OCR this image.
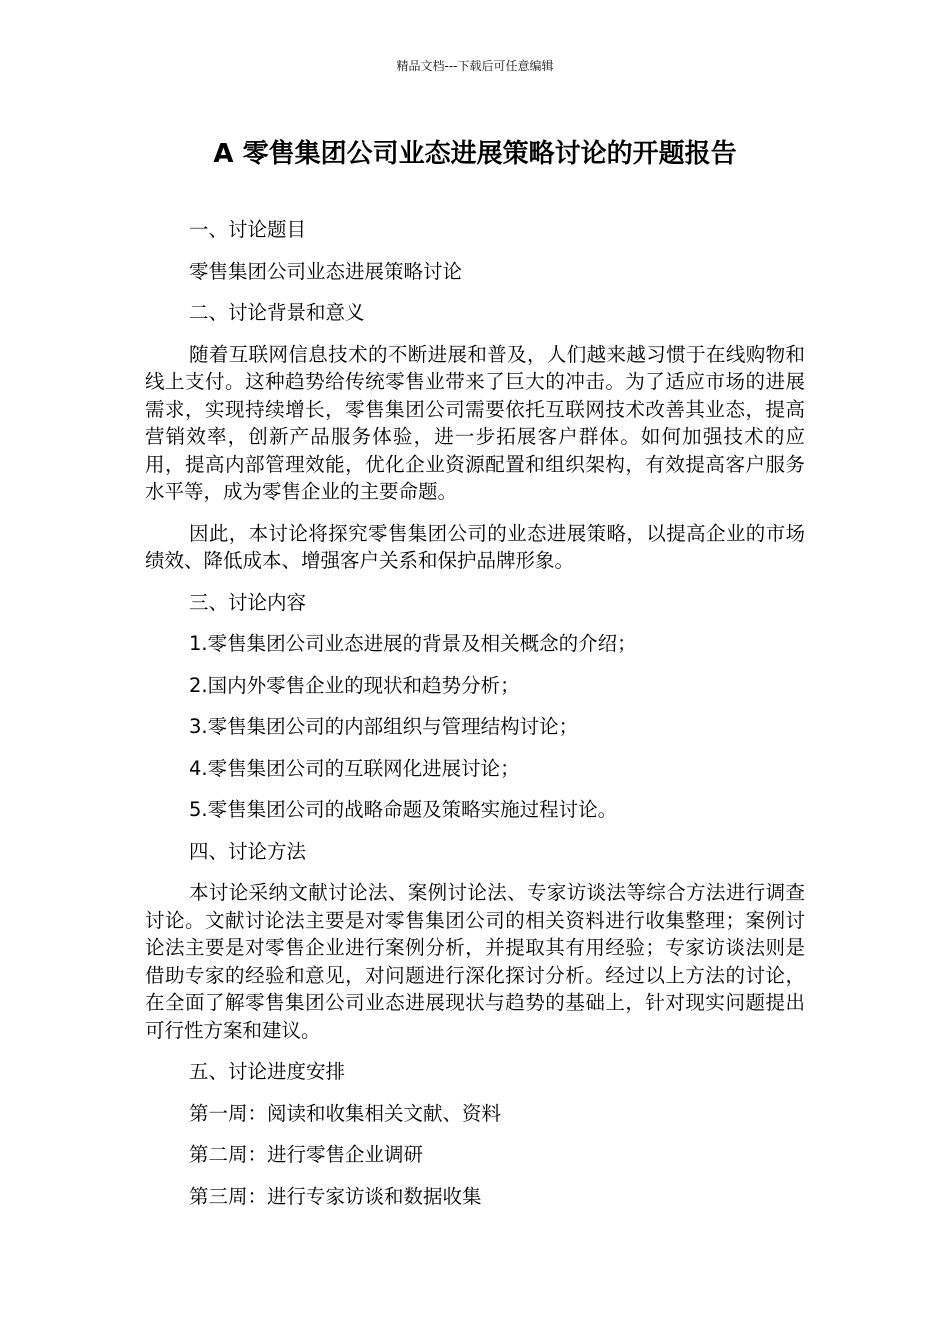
精品文档---下载后可任意编辑
A 零售集团公司业态进展策略讨论的开题报告

一、讨论题目

零售集团公司业态进展策略讨论

二、讨论背景和意义

随着互联网信息技术的不断进展和普及，人们越来越习惯于在线购物和线上支付。这种趋势给传统零售业带来了巨大的冲击。为了适应市场的进展需求，实现持续增长，零售集团公司需要依托互联网技术改善其业态，提高营销效率，创新产品服务体验，进一步拓展客户群体。如何加强技术的应用，提高内部管理效能，优化企业资源配置和组织架构，有效提高客户服务水平等，成为零售企业的主要命题。

因此，本讨论将探究零售集团公司的业态进展策略，以提高企业的市场绩效、降低成本、增强客户关系和保护品牌形象。

三、讨论内容

1.零售集团公司业态进展的背景及相关概念的介绍；

2.国内外零售企业的现状和趋势分析；

3.零售集团公司的内部组织与管理结构讨论；

4.零售集团公司的互联网化进展讨论；

5.零售集团公司的战略命题及策略实施过程讨论。

四、讨论方法

本讨论采纳文献讨论法、案例讨论法、专家访谈法等综合方法进行调查讨论。文献讨论法主要是对零售集团公司的相关资料进行收集整理；案例讨论法主要是对零售企业进行案例分析，并提取其有用经验；专家访谈法则是借助专家的经验和意见，对问题进行深化探讨分析。经过以上方法的讨论，在全面了解零售集团公司业态进展现状与趋势的基础上，针对现实问题提出可行性方案和建议。

五、讨论进度安排

第一周：阅读和收集相关文献、资料

第二周：进行零售企业调研

第三周：进行专家访谈和数据收集
